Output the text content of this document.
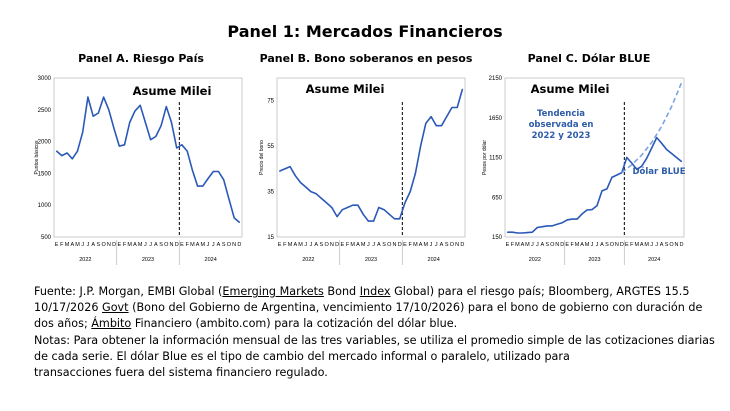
Panel 1: Mercados Financieros
Panel A. Riesgo País
500
1000
1500
2000
2500
3000
Puntos básicos
E F M A M J J A S O N D E F M A M J J A S O N D E F M A M J J A S O N D
2022	2023	2024
Asume Milei
Panel B. Bono soberanos en pesos
15
35
55
75
Precio del bono
E F M A M J J A S O N D E F M A M J J A S O N D E F M A M J J A S O N D
2022	2023	2024
Asume Milei
Panel C. Dólar BLUE
150
650
1150
1650
2150
Pesos por dólar
E F M A M J J A S O N D E F M A M J J A S O N D E F M A M J J A S O N D
2022	2023	2024
Asume Milei
Tendencia
observada en
2022 y 2023
Dólar BLUE

Fuente: J.P. Morgan, EMBI Global (Emerging Markets Bond Index Global) para el riesgo país; Bloomberg, ARGTES 15.5

10/17/2026 Govt (Bono del Gobierno de Argentina, vencimiento 17/10/2026) para el bono de gobierno con duración de

dos años; Ámbito Financiero (ambito.com) para la cotización del dólar blue.

Notas: Para obtener la información mensual de las tres variables, se utiliza el promedio simple de las cotizaciones diarias

de cada serie. El dólar Blue es el tipo de cambio del mercado informal o paralelo, utilizado para

transacciones fuera del sistema financiero regulado.
